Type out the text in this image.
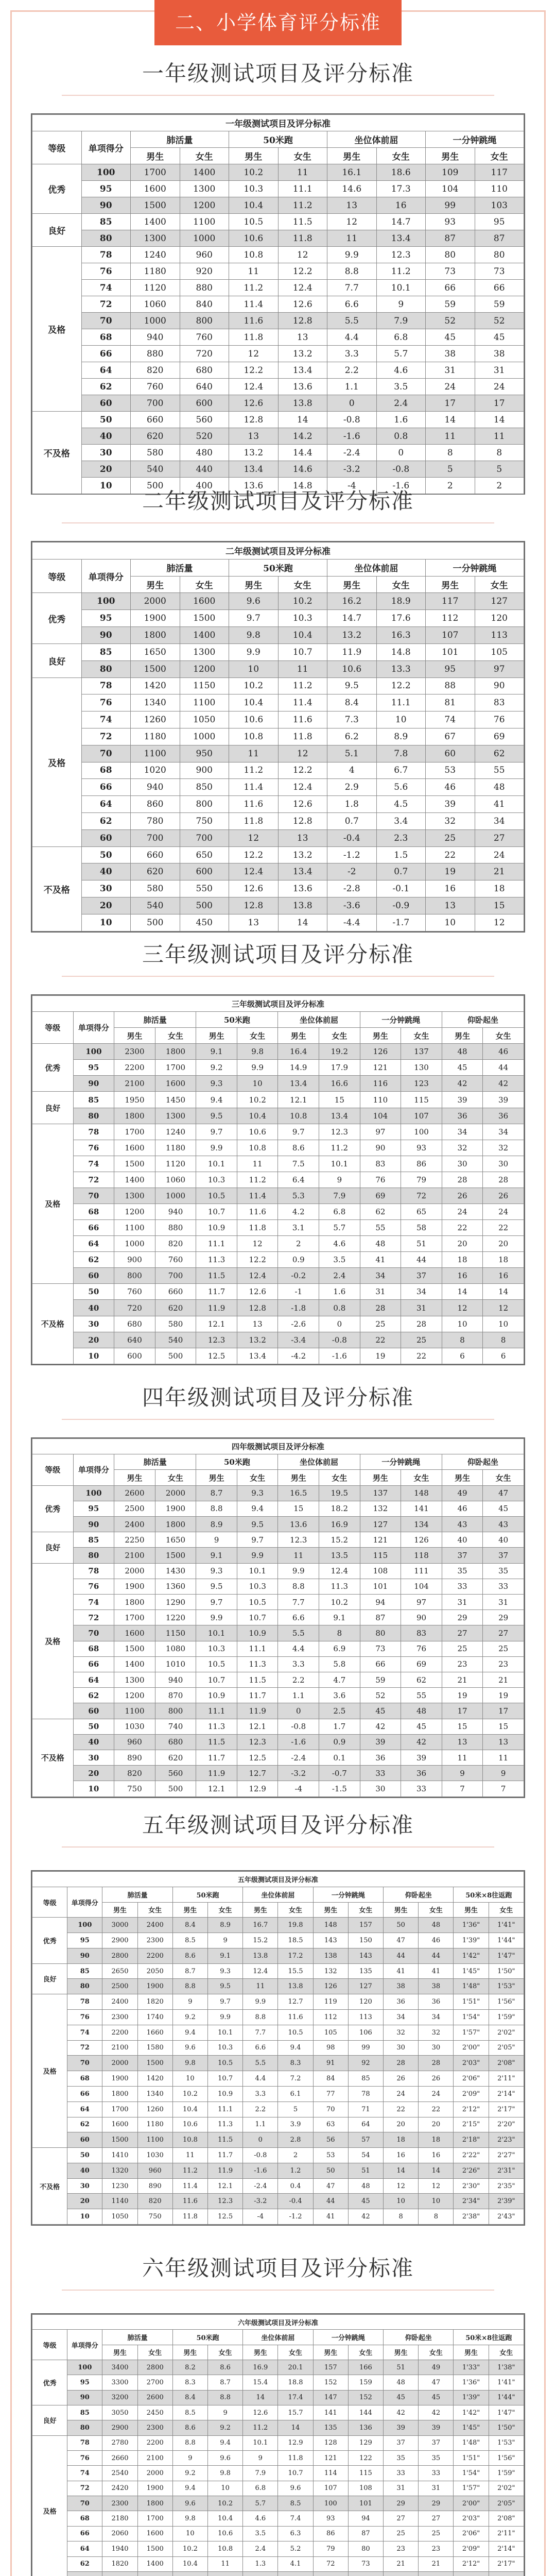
二、小学体育评分标准
一年级测试项目及评分标准
一年级测试项目及评分标准									
等级	单项得分	肺活量		50米跑		坐位体前屈		一分钟跳绳	
		男生	女生	男生	女生	男生	女生	男生	女生
优秀	100	1700	1400	10.2	11	16.1	18.6	109	117
	95	1600	1300	10.3	11.1	14.6	17.3	104	110
	90	1500	1200	10.4	11.2	13	16	99	103
良好	85	1400	1100	10.5	11.5	12	14.7	93	95
	80	1300	1000	10.6	11.8	11	13.4	87	87
及格	78	1240	960	10.8	12	9.9	12.3	80	80
	76	1180	920	11	12.2	8.8	11.2	73	73
	74	1120	880	11.2	12.4	7.7	10.1	66	66
	72	1060	840	11.4	12.6	6.6	9	59	59
	70	1000	800	11.6	12.8	5.5	7.9	52	52
	68	940	760	11.8	13	4.4	6.8	45	45
	66	880	720	12	13.2	3.3	5.7	38	38
	64	820	680	12.2	13.4	2.2	4.6	31	31
	62	760	640	12.4	13.6	1.1	3.5	24	24
	60	700	600	12.6	13.8	0	2.4	17	17
不及格	50	660	560	12.8	14	-0.8	1.6	14	14
	40	620	520	13	14.2	-1.6	0.8	11	11
	30	580	480	13.2	14.4	-2.4	0	8	8
	20	540	440	13.4	14.6	-3.2	-0.8	5	5
	10	500	400	13.6	14.8	-4	-1.6	2	2
二年级测试项目及评分标准
二年级测试项目及评分标准									
等级	单项得分	肺活量		50米跑		坐位体前屈		一分钟跳绳	
		男生	女生	男生	女生	男生	女生	男生	女生
优秀	100	2000	1600	9.6	10.2	16.2	18.9	117	127
	95	1900	1500	9.7	10.3	14.7	17.6	112	120
	90	1800	1400	9.8	10.4	13.2	16.3	107	113
良好	85	1650	1300	9.9	10.7	11.9	14.8	101	105
	80	1500	1200	10	11	10.6	13.3	95	97
及格	78	1420	1150	10.2	11.2	9.5	12.2	88	90
	76	1340	1100	10.4	11.4	8.4	11.1	81	83
	74	1260	1050	10.6	11.6	7.3	10	74	76
	72	1180	1000	10.8	11.8	6.2	8.9	67	69
	70	1100	950	11	12	5.1	7.8	60	62
	68	1020	900	11.2	12.2	4	6.7	53	55
	66	940	850	11.4	12.4	2.9	5.6	46	48
	64	860	800	11.6	12.6	1.8	4.5	39	41
	62	780	750	11.8	12.8	0.7	3.4	32	34
	60	700	700	12	13	-0.4	2.3	25	27
不及格	50	660	650	12.2	13.2	-1.2	1.5	22	24
	40	620	600	12.4	13.4	-2	0.7	19	21
	30	580	550	12.6	13.6	-2.8	-0.1	16	18
	20	540	500	12.8	13.8	-3.6	-0.9	13	15
	10	500	450	13	14	-4.4	-1.7	10	12
三年级测试项目及评分标准
三年级测试项目及评分标准											
等级	单项得分	肺活量		50米跑		坐位体前屈		一分钟跳绳		仰卧起坐	
		男生	女生	男生	女生	男生	女生	男生	女生	男生	女生
优秀	100	2300	1800	9.1	9.8	16.4	19.2	126	137	48	46
	95	2200	1700	9.2	9.9	14.9	17.9	121	130	45	44
	90	2100	1600	9.3	10	13.4	16.6	116	123	42	42
良好	85	1950	1450	9.4	10.2	12.1	15	110	115	39	39
	80	1800	1300	9.5	10.4	10.8	13.4	104	107	36	36
及格	78	1700	1240	9.7	10.6	9.7	12.3	97	100	34	34
	76	1600	1180	9.9	10.8	8.6	11.2	90	93	32	32
	74	1500	1120	10.1	11	7.5	10.1	83	86	30	30
	72	1400	1060	10.3	11.2	6.4	9	76	79	28	28
	70	1300	1000	10.5	11.4	5.3	7.9	69	72	26	26
	68	1200	940	10.7	11.6	4.2	6.8	62	65	24	24
	66	1100	880	10.9	11.8	3.1	5.7	55	58	22	22
	64	1000	820	11.1	12	2	4.6	48	51	20	20
	62	900	760	11.3	12.2	0.9	3.5	41	44	18	18
	60	800	700	11.5	12.4	-0.2	2.4	34	37	16	16
不及格	50	760	660	11.7	12.6	-1	1.6	31	34	14	14
	40	720	620	11.9	12.8	-1.8	0.8	28	31	12	12
	30	680	580	12.1	13	-2.6	0	25	28	10	10
	20	640	540	12.3	13.2	-3.4	-0.8	22	25	8	8
	10	600	500	12.5	13.4	-4.2	-1.6	19	22	6	6
四年级测试项目及评分标准
四年级测试项目及评分标准											
等级	单项得分	肺活量		50米跑		坐位体前屈		一分钟跳绳		仰卧起坐	
		男生	女生	男生	女生	男生	女生	男生	女生	男生	女生
优秀	100	2600	2000	8.7	9.3	16.5	19.5	137	148	49	47
	95	2500	1900	8.8	9.4	15	18.2	132	141	46	45
	90	2400	1800	8.9	9.5	13.6	16.9	127	134	43	43
良好	85	2250	1650	9	9.7	12.3	15.2	121	126	40	40
	80	2100	1500	9.1	9.9	11	13.5	115	118	37	37
及格	78	2000	1430	9.3	10.1	9.9	12.4	108	111	35	35
	76	1900	1360	9.5	10.3	8.8	11.3	101	104	33	33
	74	1800	1290	9.7	10.5	7.7	10.2	94	97	31	31
	72	1700	1220	9.9	10.7	6.6	9.1	87	90	29	29
	70	1600	1150	10.1	10.9	5.5	8	80	83	27	27
	68	1500	1080	10.3	11.1	4.4	6.9	73	76	25	25
	66	1400	1010	10.5	11.3	3.3	5.8	66	69	23	23
	64	1300	940	10.7	11.5	2.2	4.7	59	62	21	21
	62	1200	870	10.9	11.7	1.1	3.6	52	55	19	19
	60	1100	800	11.1	11.9	0	2.5	45	48	17	17
不及格	50	1030	740	11.3	12.1	-0.8	1.7	42	45	15	15
	40	960	680	11.5	12.3	-1.6	0.9	39	42	13	13
	30	890	620	11.7	12.5	-2.4	0.1	36	39	11	11
	20	820	560	11.9	12.7	-3.2	-0.7	33	36	9	9
	10	750	500	12.1	12.9	-4	-1.5	30	33	7	7
五年级测试项目及评分标准
五年级测试项目及评分标准													
等级	单项得分	肺活量		50米跑		坐位体前屈		一分钟跳绳		仰卧起坐		50米×8往返跑	
		男生	女生	男生	女生	男生	女生	男生	女生	男生	女生	男生	女生
优秀	100	3000	2400	8.4	8.9	16.7	19.8	148	157	50	48	1'36"	1'41"
	95	2900	2300	8.5	9	15.2	18.5	143	150	47	46	1'39"	1'44"
	90	2800	2200	8.6	9.1	13.8	17.2	138	143	44	44	1'42"	1'47"
良好	85	2650	2050	8.7	9.3	12.4	15.5	132	135	41	41	1'45"	1'50"
	80	2500	1900	8.8	9.5	11	13.8	126	127	38	38	1'48"	1'53"
及格	78	2400	1820	9	9.7	9.9	12.7	119	120	36	36	1'51"	1'56"
	76	2300	1740	9.2	9.9	8.8	11.6	112	113	34	34	1'54"	1'59"
	74	2200	1660	9.4	10.1	7.7	10.5	105	106	32	32	1'57"	2'02"
	72	2100	1580	9.6	10.3	6.6	9.4	98	99	30	30	2'00"	2'05"
	70	2000	1500	9.8	10.5	5.5	8.3	91	92	28	28	2'03"	2'08"
	68	1900	1420	10	10.7	4.4	7.2	84	85	26	26	2'06"	2'11"
	66	1800	1340	10.2	10.9	3.3	6.1	77	78	24	24	2'09"	2'14"
	64	1700	1260	10.4	11.1	2.2	5	70	71	22	22	2'12"	2'17"
	62	1600	1180	10.6	11.3	1.1	3.9	63	64	20	20	2'15"	2'20"
	60	1500	1100	10.8	11.5	0	2.8	56	57	18	18	2'18"	2'23"
不及格	50	1410	1030	11	11.7	-0.8	2	53	54	16	16	2'22"	2'27"
	40	1320	960	11.2	11.9	-1.6	1.2	50	51	14	14	2'26"	2'31"
	30	1230	890	11.4	12.1	-2.4	0.4	47	48	12	12	2'30"	2'35"
	20	1140	820	11.6	12.3	-3.2	-0.4	44	45	10	10	2'34"	2'39"
	10	1050	750	11.8	12.5	-4	-1.2	41	42	8	8	2'38"	2'43"
六年级测试项目及评分标准
六年级测试项目及评分标准													
等级	单项得分	肺活量		50米跑		坐位体前屈		一分钟跳绳		仰卧起坐		50米×8往返跑	
		男生	女生	男生	女生	男生	女生	男生	女生	男生	女生	男生	女生
优秀	100	3400	2800	8.2	8.6	16.9	20.1	157	166	51	49	1'33"	1'38"
	95	3300	2700	8.3	8.7	15.4	18.8	152	159	48	47	1'36"	1'41"
	90	3200	2600	8.4	8.8	14	17.4	147	152	45	45	1'39"	1'44"
良好	85	3050	2450	8.5	9	12.6	15.7	141	144	42	42	1'42"	1'47"
	80	2900	2300	8.6	9.2	11.2	14	135	136	39	39	1'45"	1'50"
及格	78	2780	2200	8.8	9.4	10.1	12.9	128	129	37	37	1'48"	1'53"
	76	2660	2100	9	9.6	9	11.8	121	122	35	35	1'51"	1'56"
	74	2540	2000	9.2	9.8	7.9	10.7	114	115	33	33	1'54"	1'59"
	72	2420	1900	9.4	10	6.8	9.6	107	108	31	31	1'57"	2'02"
	70	2300	1800	9.6	10.2	5.7	8.5	100	101	29	29	2'00"	2'05"
	68	2180	1700	9.8	10.4	4.6	7.4	93	94	27	27	2'03"	2'08"
	66	2060	1600	10	10.6	3.5	6.3	86	87	25	25	2'06"	2'11"
	64	1940	1500	10.2	10.8	2.4	5.2	79	80	23	23	2'09"	2'14"
	62	1820	1400	10.4	11	1.3	4.1	72	73	21	21	2'12"	2'17"
